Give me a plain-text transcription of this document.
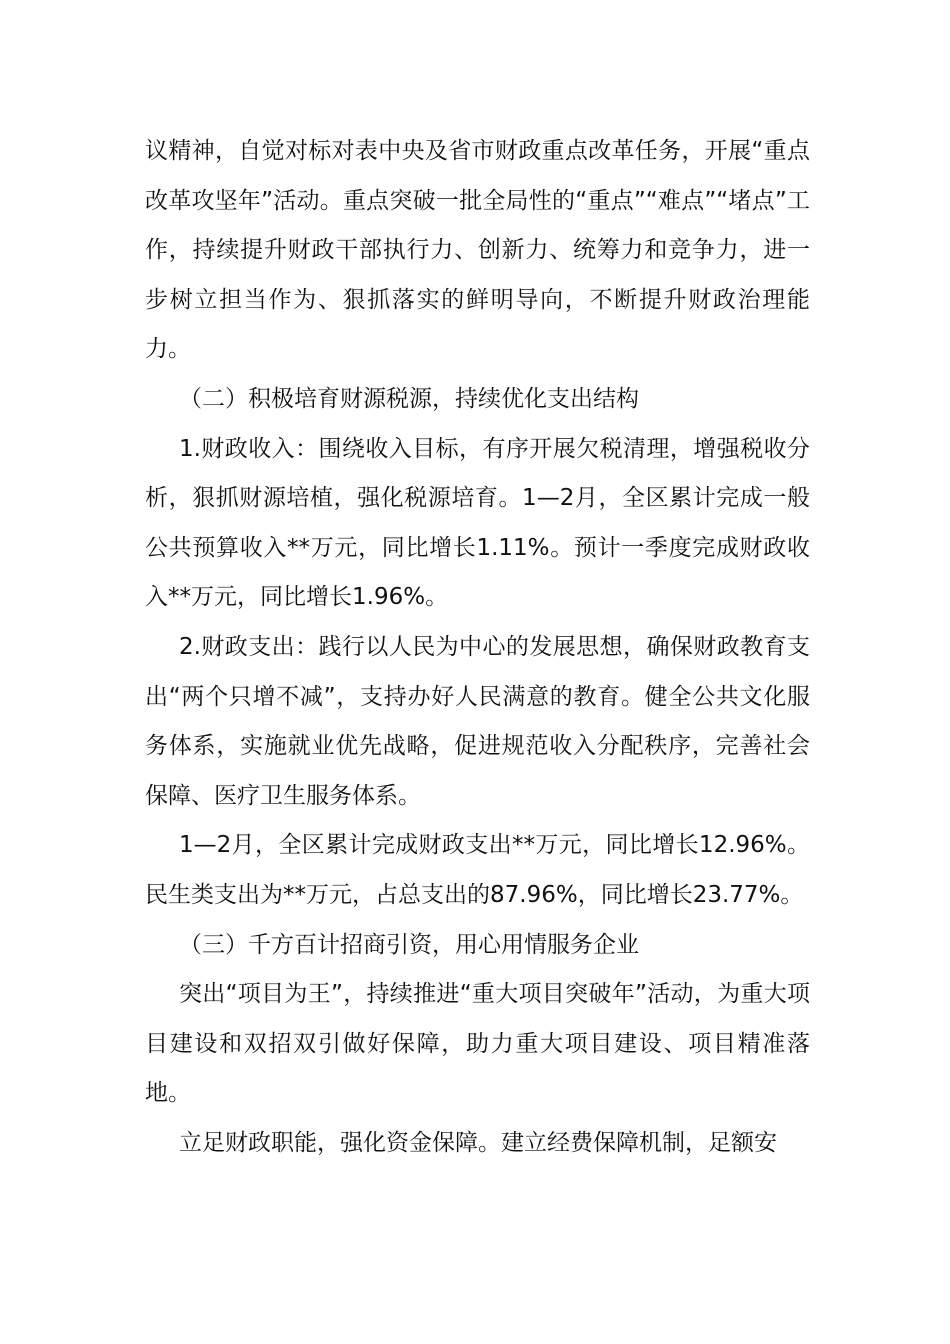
议精神，自觉对标对表中央及省市财政重点改革任务，开展“重点改革攻坚年”活动。重点突破一批全局性的“重点”“难点”“堵点”工作，持续提升财政干部执行力、创新力、统筹力和竞争力，进一步树立担当作为、狠抓落实的鲜明导向，不断提升财政治理能力。

（二）积极培育财源税源，持续优化支出结构

1.财政收入：围绕收入目标，有序开展欠税清理，增强税收分析，狠抓财源培植，强化税源培育。1—2月，全区累计完成一般公共预算收入**万元，同比增长1.11%。预计一季度完成财政收入**万元，同比增长1.96%。

2.财政支出：践行以人民为中心的发展思想，确保财政教育支出“两个只增不减”，支持办好人民满意的教育。健全公共文化服务体系，实施就业优先战略，促进规范收入分配秩序，完善社会保障、医疗卫生服务体系。

1—2月，全区累计完成财政支出**万元，同比增长12.96%。民生类支出为**万元，占总支出的87.96%，同比增长23.77%。

（三）千方百计招商引资，用心用情服务企业

突出“项目为王”，持续推进“重大项目突破年”活动，为重大项目建设和双招双引做好保障，助力重大项目建设、项目精准落地。

立足财政职能，强化资金保障。建立经费保障机制，足额安
